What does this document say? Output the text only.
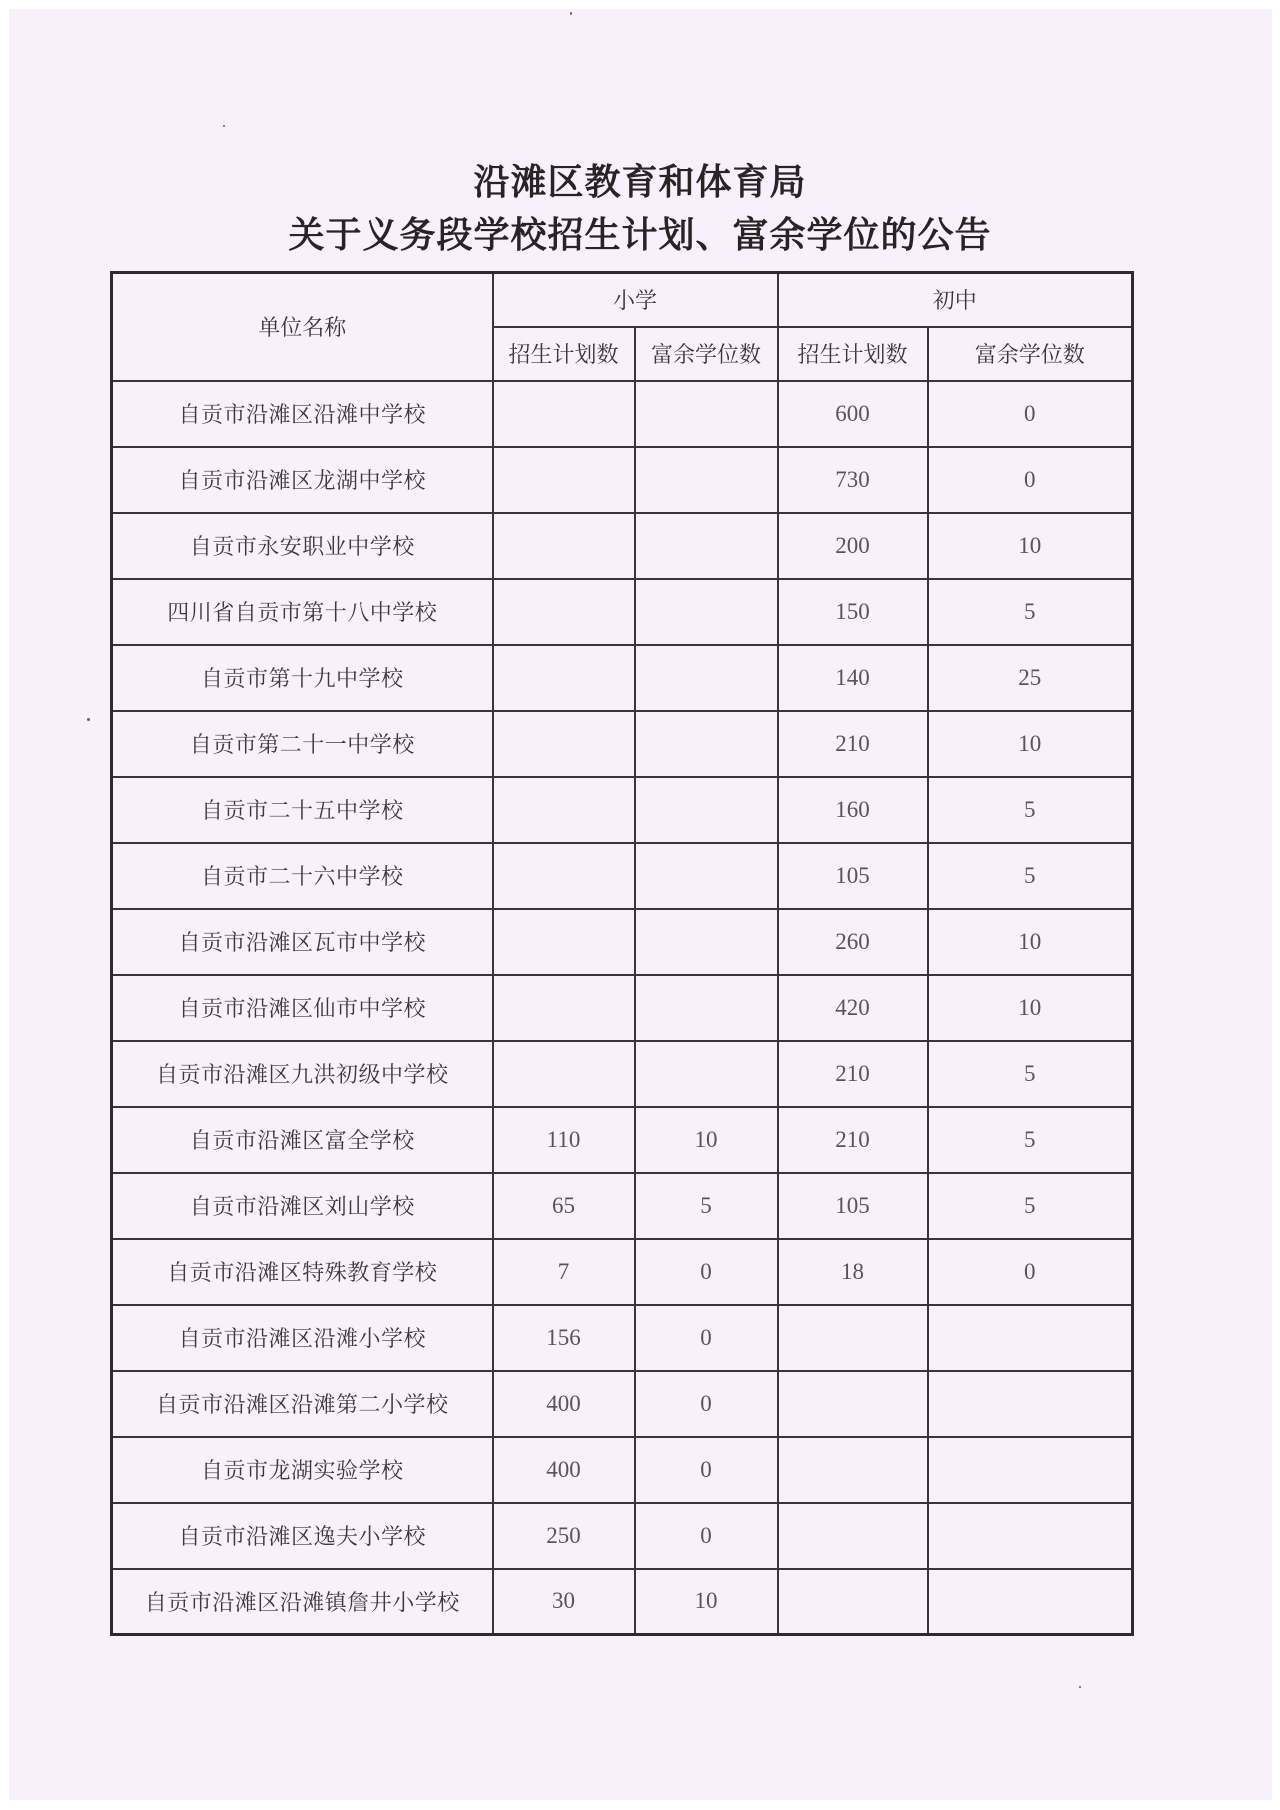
沿滩区教育和体育局
关于义务段学校招生计划、富余学位的公告
单位名称	小学		初中	
	招生计划数	富余学位数	招生计划数	富余学位数
自贡市沿滩区沿滩中学校			600	0
自贡市沿滩区龙湖中学校			730	0
自贡市永安职业中学校			200	10
四川省自贡市第十八中学校			150	5
自贡市第十九中学校			140	25
自贡市第二十一中学校			210	10
自贡市二十五中学校			160	5
自贡市二十六中学校			105	5
自贡市沿滩区瓦市中学校			260	10
自贡市沿滩区仙市中学校			420	10
自贡市沿滩区九洪初级中学校			210	5
自贡市沿滩区富全学校	110	10	210	5
自贡市沿滩区刘山学校	65	5	105	5
自贡市沿滩区特殊教育学校	7	0	18	0
自贡市沿滩区沿滩小学校	156	0		
自贡市沿滩区沿滩第二小学校	400	0		
自贡市龙湖实验学校	400	0		
自贡市沿滩区逸夫小学校	250	0		
自贡市沿滩区沿滩镇詹井小学校	30	10		
